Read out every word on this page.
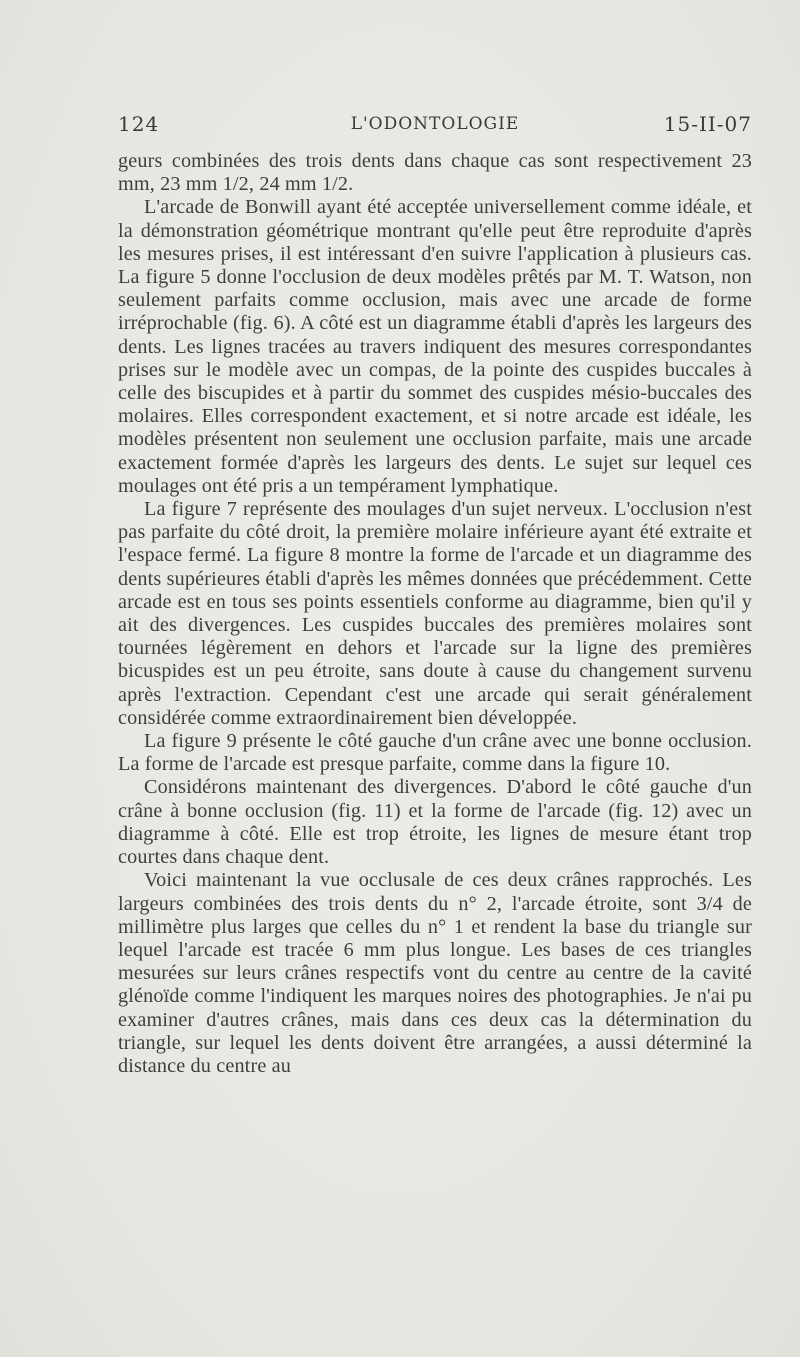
124	L'ODONTOLOGIE	15-II-07

geurs combinées des trois dents dans chaque cas sont respectivement 23 mm, 23 mm 1/2, 24 mm 1/2.

L'arcade de Bonwill ayant été acceptée universellement comme idéale, et la démonstration géométrique montrant qu'elle peut être reproduite d'après les mesures prises, il est intéressant d'en suivre l'application à plusieurs cas. La figure 5 donne l'occlusion de deux modèles prêtés par M. T. Watson, non seulement parfaits comme occlusion, mais avec une arcade de forme irréprochable (fig. 6). A côté est un diagramme établi d'après les largeurs des dents. Les lignes tracées au travers indiquent des mesures correspondantes prises sur le modèle avec un compas, de la pointe des cuspides buccales à celle des biscupides et à partir du sommet des cuspides mésio-buccales des molaires. Elles correspondent exactement, et si notre arcade est idéale, les modèles présentent non seulement une occlusion parfaite, mais une arcade exactement formée d'après les largeurs des dents. Le sujet sur lequel ces moulages ont été pris a un tempérament lymphatique.

La figure 7 représente des moulages d'un sujet nerveux. L'occlusion n'est pas parfaite du côté droit, la première molaire inférieure ayant été extraite et l'espace fermé. La figure 8 montre la forme de l'arcade et un diagramme des dents supérieures établi d'après les mêmes données que précédemment. Cette arcade est en tous ses points essentiels conforme au diagramme, bien qu'il y ait des divergences. Les cuspides buccales des premières molaires sont tournées légèrement en dehors et l'arcade sur la ligne des premières bicuspides est un peu étroite, sans doute à cause du changement survenu après l'extraction. Cependant c'est une arcade qui serait généralement considérée comme extraordinairement bien développée.

La figure 9 présente le côté gauche d'un crâne avec une bonne occlusion. La forme de l'arcade est presque parfaite, comme dans la figure 10.

Considérons maintenant des divergences. D'abord le côté gauche d'un crâne à bonne occlusion (fig. 11) et la forme de l'arcade (fig. 12) avec un diagramme à côté. Elle est trop étroite, les lignes de mesure étant trop courtes dans chaque dent.

Voici maintenant la vue occlusale de ces deux crânes rapprochés. Les largeurs combinées des trois dents du n° 2, l'arcade étroite, sont 3/4 de millimètre plus larges que celles du n° 1 et rendent la base du triangle sur lequel l'arcade est tracée 6 mm plus longue. Les bases de ces triangles mesurées sur leurs crânes respectifs vont du centre au centre de la cavité glénoïde comme l'indiquent les marques noires des photographies. Je n'ai pu examiner d'autres crânes, mais dans ces deux cas la détermination du triangle, sur lequel les dents doivent être arrangées, a aussi déterminé la distance du centre au
